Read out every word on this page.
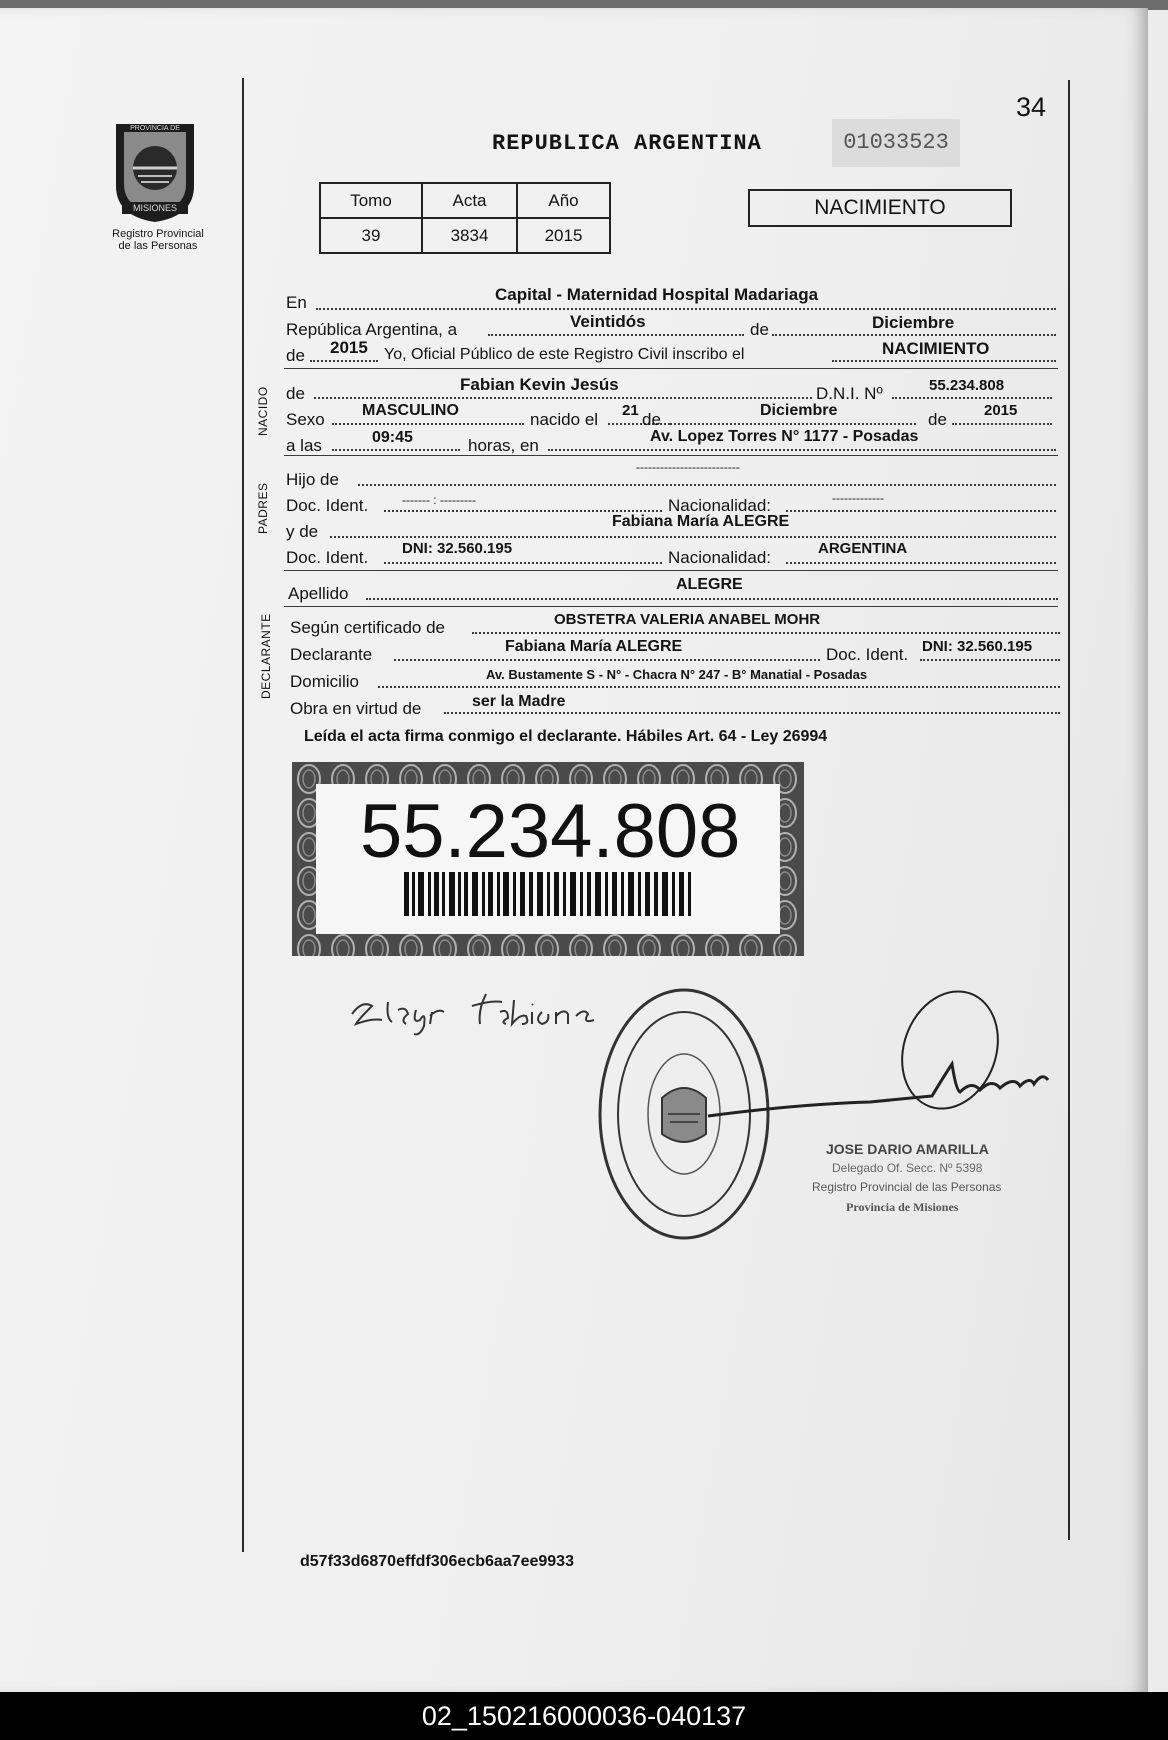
34
MISIONES
PROVINCIA DE
Registro Provincial
de las Personas
REPUBLICA ARGENTINA	01033523
Tomo	Acta	Año
39	3834	2015
NACIMIENTO
En	Capital - Maternidad Hospital Madariaga
República Argentina, a	Veintidós	de	Diciembre
de 2015 Yo, Oficial Público de este Registro Civil inscribo el	NACIMIENTO
NACIDO de	Fabian Kevin Jesús	D.N.I. Nº	55.234.808
Sexo MASCULINO	nacido el 21 de	Diciembre	de 2015
a las	09:45	horas, en	Av. Lopez Torres N° 1177 - Posadas
PADRES
Hijo de
--------------------------
Doc. Ident.	------- : ---------	Nacionalidad:	-------------
y de
Fabiana María ALEGRE
Doc. Ident. DNI: 32.560.195	Nacionalidad:	ARGENTINA
Apellido	ALEGRE
DECLARANTE Según certificado de	OBSTETRA VALERIA ANABEL MOHR
Declarante	Fabiana María ALEGRE	Doc. Ident. DNI: 32.560.195
Domicilio	Av. Bustamente S - N° - Chacra N° 247 - B° Manatial - Posadas
Obra en virtud de	ser la Madre
Leída el acta firma conmigo el declarante. Hábiles Art. 64 - Ley 26994
55.234.808
JOSE DARIO AMARILLA
Delegado Of. Secc. Nº 5398
Registro Provincial de las Personas
Provincia de Misiones
d57f33d6870effdf306ecb6aa7ee9933
02_150216000036-040137
